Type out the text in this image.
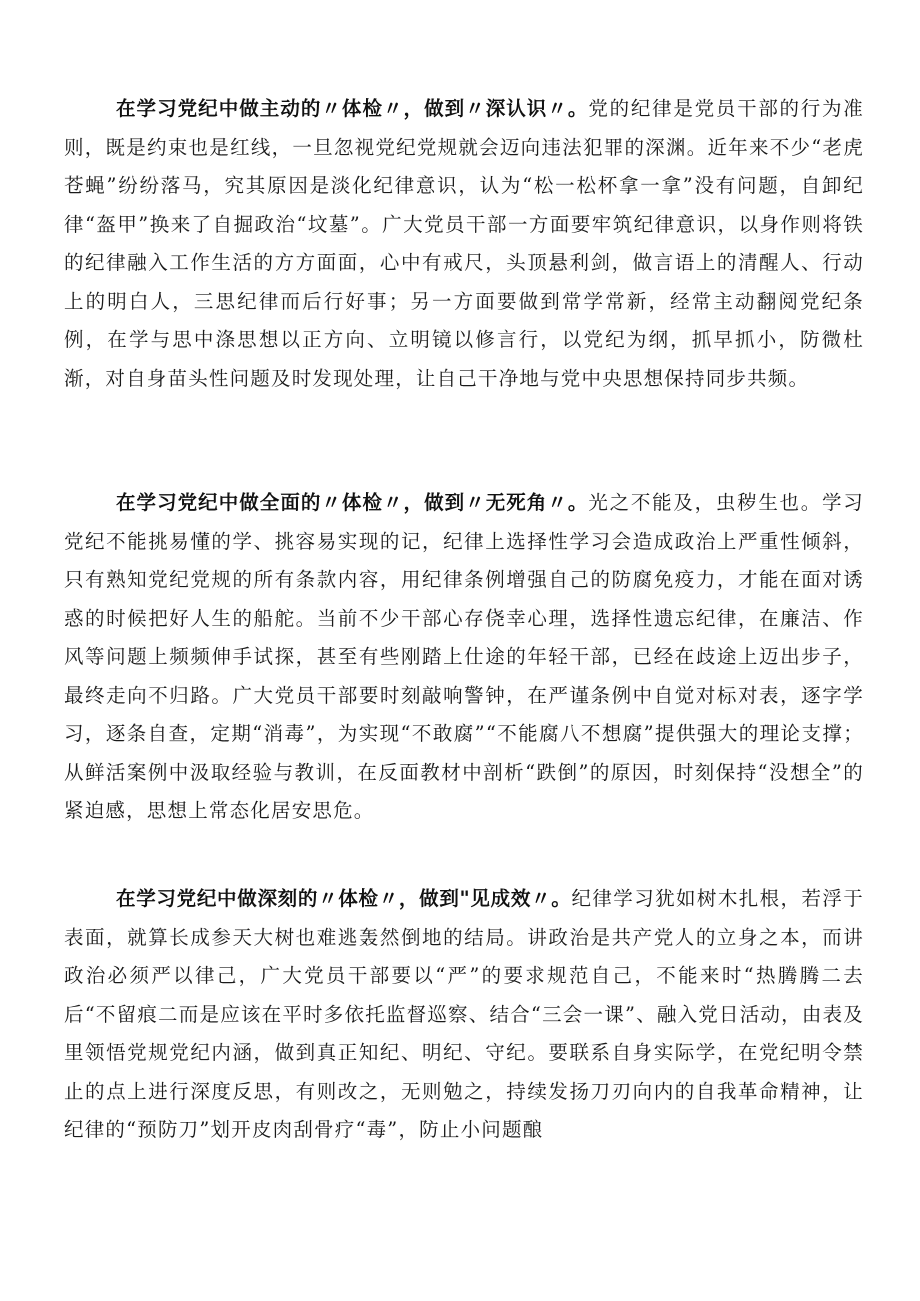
在学习党纪中做主动的〃体检〃，做到〃深认识〃。党的纪律是党员干部的行为准则，既是约束也是红线，一旦忽视党纪党规就会迈向违法犯罪的深渊。近年来不少“老虎苍蝇”纷纷落马，究其原因是淡化纪律意识，认为“松一松杯拿一拿”没有问题，自卸纪律“盔甲”换来了自掘政治“坟墓”。广大党员干部一方面要牢筑纪律意识，以身作则将铁的纪律融入工作生活的方方面面，心中有戒尺，头顶悬利剑，做言语上的清醒人、行动上的明白人，三思纪律而后行好事；另一方面要做到常学常新，经常主动翻阅党纪条例，在学与思中涤思想以正方向、立明镜以修言行，以党纪为纲，抓早抓小，防微杜渐，对自身苗头性问题及时发现处理，让自己干净地与党中央思想保持同步共频。

在学习党纪中做全面的〃体检〃，做到〃无死角〃。光之不能及，虫秽生也。学习党纪不能挑易懂的学、挑容易实现的记，纪律上选择性学习会造成政治上严重性倾斜，只有熟知党纪党规的所有条款内容，用纪律条例增强自己的防腐免疫力，才能在面对诱惑的时候把好人生的船舵。当前不少干部心存侥幸心理，选择性遗忘纪律，在廉洁、作风等问题上频频伸手试探，甚至有些刚踏上仕途的年轻干部，已经在歧途上迈出步子，最终走向不归路。广大党员干部要时刻敲响警钟，在严谨条例中自觉对标对表，逐字学习，逐条自查，定期“消毒”，为实现“不敢腐”“不能腐八不想腐”提供强大的理论支撑；从鲜活案例中汲取经验与教训，在反面教材中剖析“跌倒”的原因，时刻保持“没想全”的紧迫感，思想上常态化居安思危。

在学习党纪中做深刻的〃体检〃，做到"见成效〃。纪律学习犹如树木扎根，若浮于表面，就算长成参天大树也难逃轰然倒地的结局。讲政治是共产党人的立身之本，而讲政治必须严以律己，广大党员干部要以“严”的要求规范自己，不能来时“热腾腾二去后“不留痕二而是应该在平时多依托监督巡察、结合“三会一课”、融入党日活动，由表及里领悟党规党纪内涵，做到真正知纪、明纪、守纪。要联系自身实际学，在党纪明令禁止的点上进行深度反思，有则改之，无则勉之，持续发扬刀刃向内的自我革命精神，让纪律的“预防刀”划开皮肉刮骨疗“毒”，防止小问题酿
